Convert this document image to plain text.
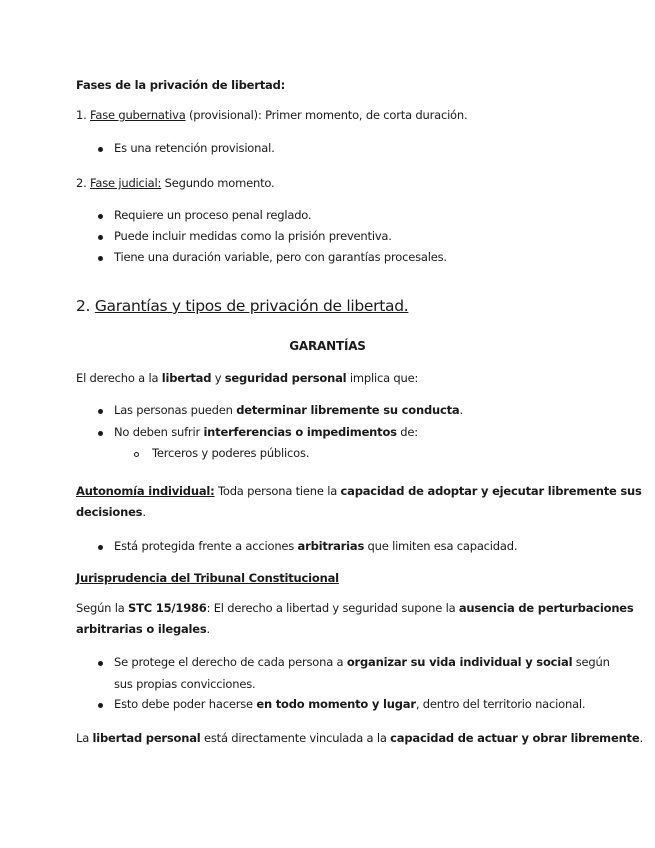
Fases de la privación de libertad:
1. Fase gubernativa (provisional): Primer momento, de corta duración.
Es una retención provisional.
2. Fase judicial: Segundo momento.
Requiere un proceso penal reglado.
Puede incluir medidas como la prisión preventiva.
Tiene una duración variable, pero con garantías procesales.
2. Garantías y tipos de privación de libertad.
GARANTÍAS
El derecho a la libertad y seguridad personal implica que:
Las personas pueden determinar libremente su conducta.
No deben sufrir interferencias o impedimentos de:
Terceros y poderes públicos.
Autonomía individual: Toda persona tiene la capacidad de adoptar y ejecutar libremente sus
decisiones.
Está protegida frente a acciones arbitrarias que limiten esa capacidad.
Jurisprudencia del Tribunal Constitucional
Según la STC 15/1986: El derecho a libertad y seguridad supone la ausencia de perturbaciones
arbitrarias o ilegales.
Se protege el derecho de cada persona a organizar su vida individual y social según
sus propias convicciones.
Esto debe poder hacerse en todo momento y lugar, dentro del territorio nacional.
La libertad personal está directamente vinculada a la capacidad de actuar y obrar libremente.
